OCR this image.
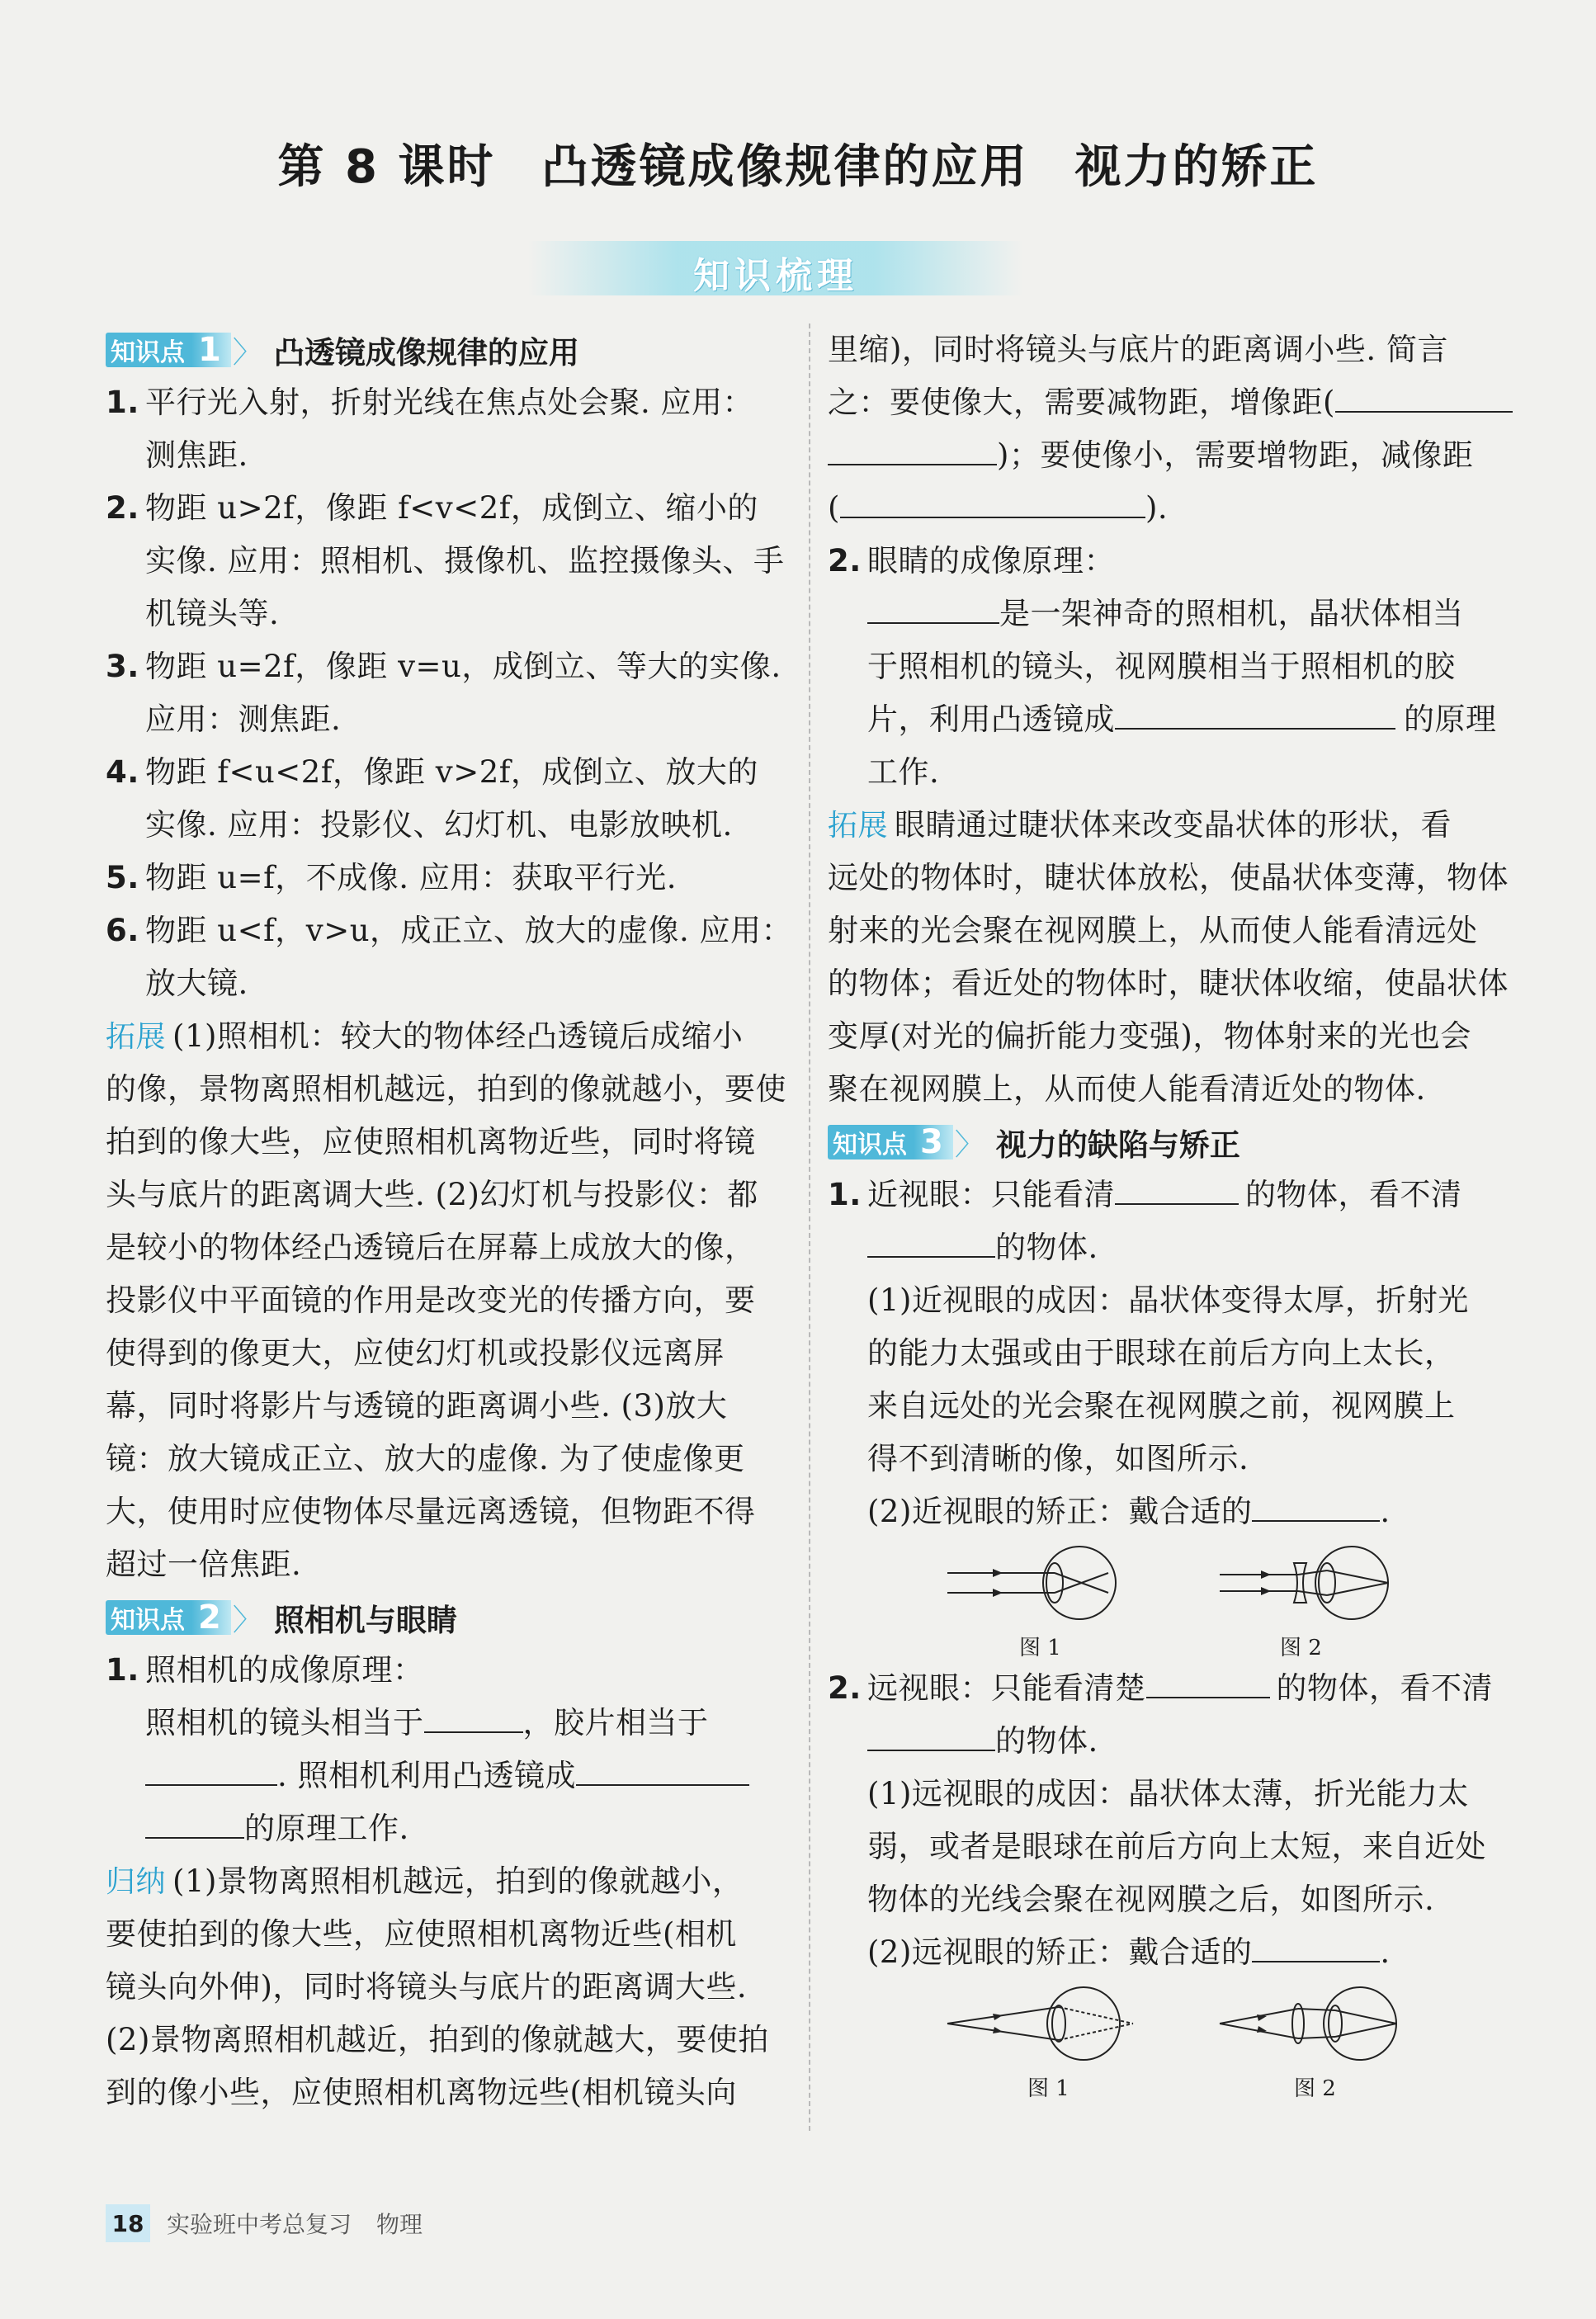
第 8 课时 凸透镜成像规律的应用 视力的矫正
知识梳理
知识点 1 〉 凸透镜成像规律的应用
1. 平行光入射，折射光线在焦点处会聚. 应用：
测焦距.
2. 物距 u>2f，像距 f<v<2f，成倒立、缩小的
实像. 应用：照相机、摄像机、监控摄像头、手
机镜头等.
3. 物距 u=2f，像距 v=u，成倒立、等大的实像.
应用：测焦距.
4. 物距 f<u<2f，像距 v>2f，成倒立、放大的
实像. 应用：投影仪、幻灯机、电影放映机.
5. 物距 u=f，不成像. 应用：获取平行光.
6. 物距 u<f，v>u，成正立、放大的虚像. 应用：
放大镜.
拓展 (1)照相机：较大的物体经凸透镜后成缩小
的像，景物离照相机越远，拍到的像就越小，要使
拍到的像大些，应使照相机离物近些，同时将镜
头与底片的距离调大些. (2)幻灯机与投影仪：都
是较小的物体经凸透镜后在屏幕上成放大的像，
投影仪中平面镜的作用是改变光的传播方向，要
使得到的像更大，应使幻灯机或投影仪远离屏
幕，同时将影片与透镜的距离调小些. (3)放大
镜：放大镜成正立、放大的虚像. 为了使虚像更
大，使用时应使物体尽量远离透镜，但物距不得
超过一倍焦距.
知识点 2 〉 照相机与眼睛
1. 照相机的成像原理：
照相机的镜头相当于	，胶片相当于
. 照相机利用凸透镜成
的原理工作.
归纳 (1)景物离照相机越远，拍到的像就越小，
要使拍到的像大些，应使照相机离物近些(相机
镜头向外伸)，同时将镜头与底片的距离调大些.
(2)景物离照相机越近，拍到的像就越大，要使拍
到的像小些，应使照相机离物远些(相机镜头向
里缩)，同时将镜头与底片的距离调小些. 简言
之：要使像大，需要减物距，增像距(
)；要使像小，需要增物距，减像距
(	).
2. 眼睛的成像原理：
是一架神奇的照相机，晶状体相当
于照相机的镜头，视网膜相当于照相机的胶
片，利用凸透镜成	的原理
工作.
拓展 眼睛通过睫状体来改变晶状体的形状，看
远处的物体时，睫状体放松，使晶状体变薄，物体
射来的光会聚在视网膜上，从而使人能看清远处
的物体；看近处的物体时，睫状体收缩，使晶状体
变厚(对光的偏折能力变强)，物体射来的光也会
聚在视网膜上，从而使人能看清近处的物体.
知识点 3 〉 视力的缺陷与矫正
1. 近视眼：只能看清	的物体，看不清
的物体.
(1)近视眼的成因：晶状体变得太厚，折射光
的能力太强或由于眼球在前后方向上太长，
来自远处的光会聚在视网膜之前，视网膜上
得不到清晰的像，如图所示.
(2)近视眼的矫正：戴合适的	.
图 1	图 2
2. 远视眼：只能看清楚	的物体，看不清
的物体.
(1)远视眼的成因：晶状体太薄，折光能力太
弱，或者是眼球在前后方向上太短，来自近处
物体的光线会聚在视网膜之后，如图所示.
(2)远视眼的矫正：戴合适的	.
图 1	图 2
18 实验班中考总复习 物理
